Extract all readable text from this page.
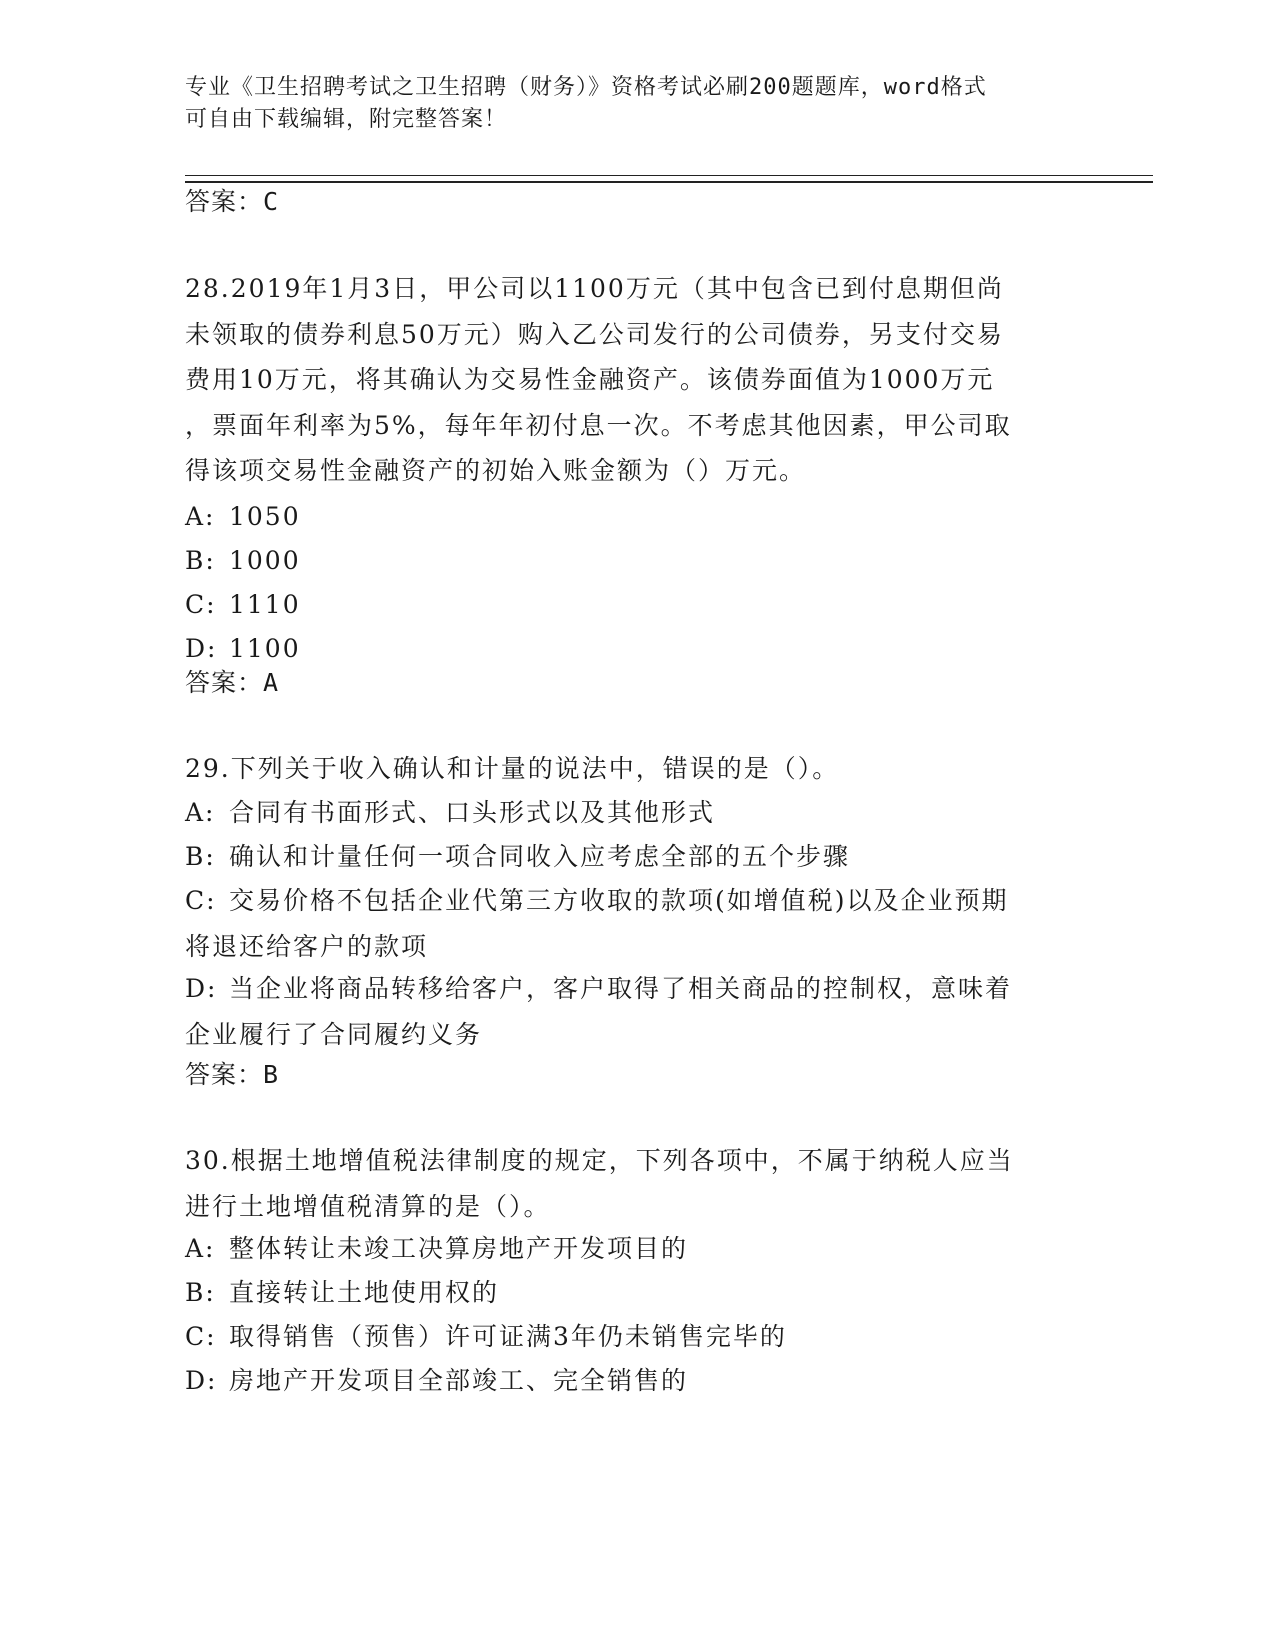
专业《卫生招聘考试之卫生招聘（财务）》资格考试必刷200题题库，word格式
可自由下载编辑，附完整答案！
答案：C
28.2019年1月3日，甲公司以1100万元（其中包含已到付息期但尚
未领取的债券利息50万元）购入乙公司发行的公司债券，另支付交易
费用10万元，将其确认为交易性金融资产。该债券面值为1000万元
，票面年利率为5%，每年年初付息一次。不考虑其他因素，甲公司取
得该项交易性金融资产的初始入账金额为（）万元。
A: 1050
B: 1000
C: 1110
D: 1100
答案：A
29.下列关于收入确认和计量的说法中，错误的是（）。
A: 合同有书面形式、口头形式以及其他形式
B: 确认和计量任何一项合同收入应考虑全部的五个步骤
C: 交易价格不包括企业代第三方收取的款项(如增值税)以及企业预期
将退还给客户的款项
D: 当企业将商品转移给客户，客户取得了相关商品的控制权，意味着
企业履行了合同履约义务
答案：B
30.根据土地增值税法律制度的规定，下列各项中，不属于纳税人应当
进行土地增值税清算的是（）。
A: 整体转让未竣工决算房地产开发项目的
B: 直接转让土地使用权的
C: 取得销售（预售）许可证满3年仍未销售完毕的
D: 房地产开发项目全部竣工、完全销售的
